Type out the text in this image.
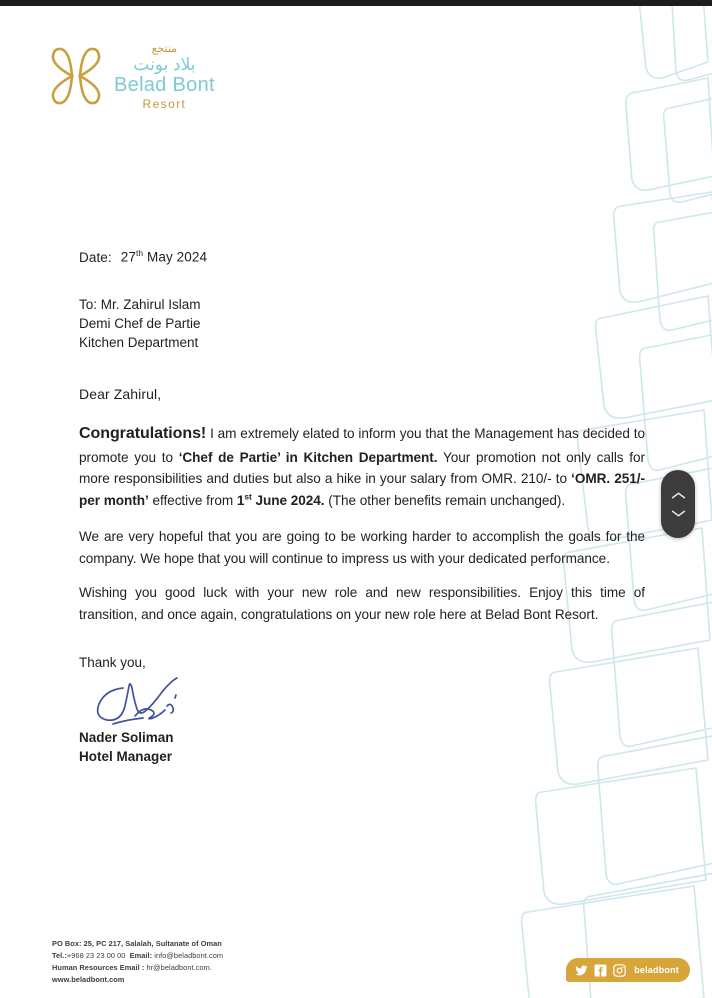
منتجع
بلاد بونت
Belad Bont
Resort
Date: 27th May 2024
To: Mr. Zahirul Islam
Demi Chef de Partie
Kitchen Department
Dear Zahirul,

Congratulations! I am extremely elated to inform you that the Management has decided to promote you to ‘Chef de Partie’ in Kitchen Department. Your promotion not only calls for more responsibilities and duties but also a hike in your salary from OMR. 210/- to ‘OMR. 251/- per month’ effective from 1st June 2024. (The other benefits remain unchanged).

We are very hopeful that you are going to be working harder to accomplish the goals for the company. We hope that you will continue to impress us with your dedicated performance.

Wishing you good luck with your new role and new responsibilities. Enjoy this time of transition, and once again, congratulations on your new role here at Belad Bont Resort.

Thank you,
Nader Soliman
Hotel Manager
PO Box: 25, PC 217, Salalah, Sultanate of Oman
Tel.:+968 23 23 00 00 Email: info@beladbont.com
Human Resources Email : hr@beladbont.com.
www.beladbont.com
beladbont
